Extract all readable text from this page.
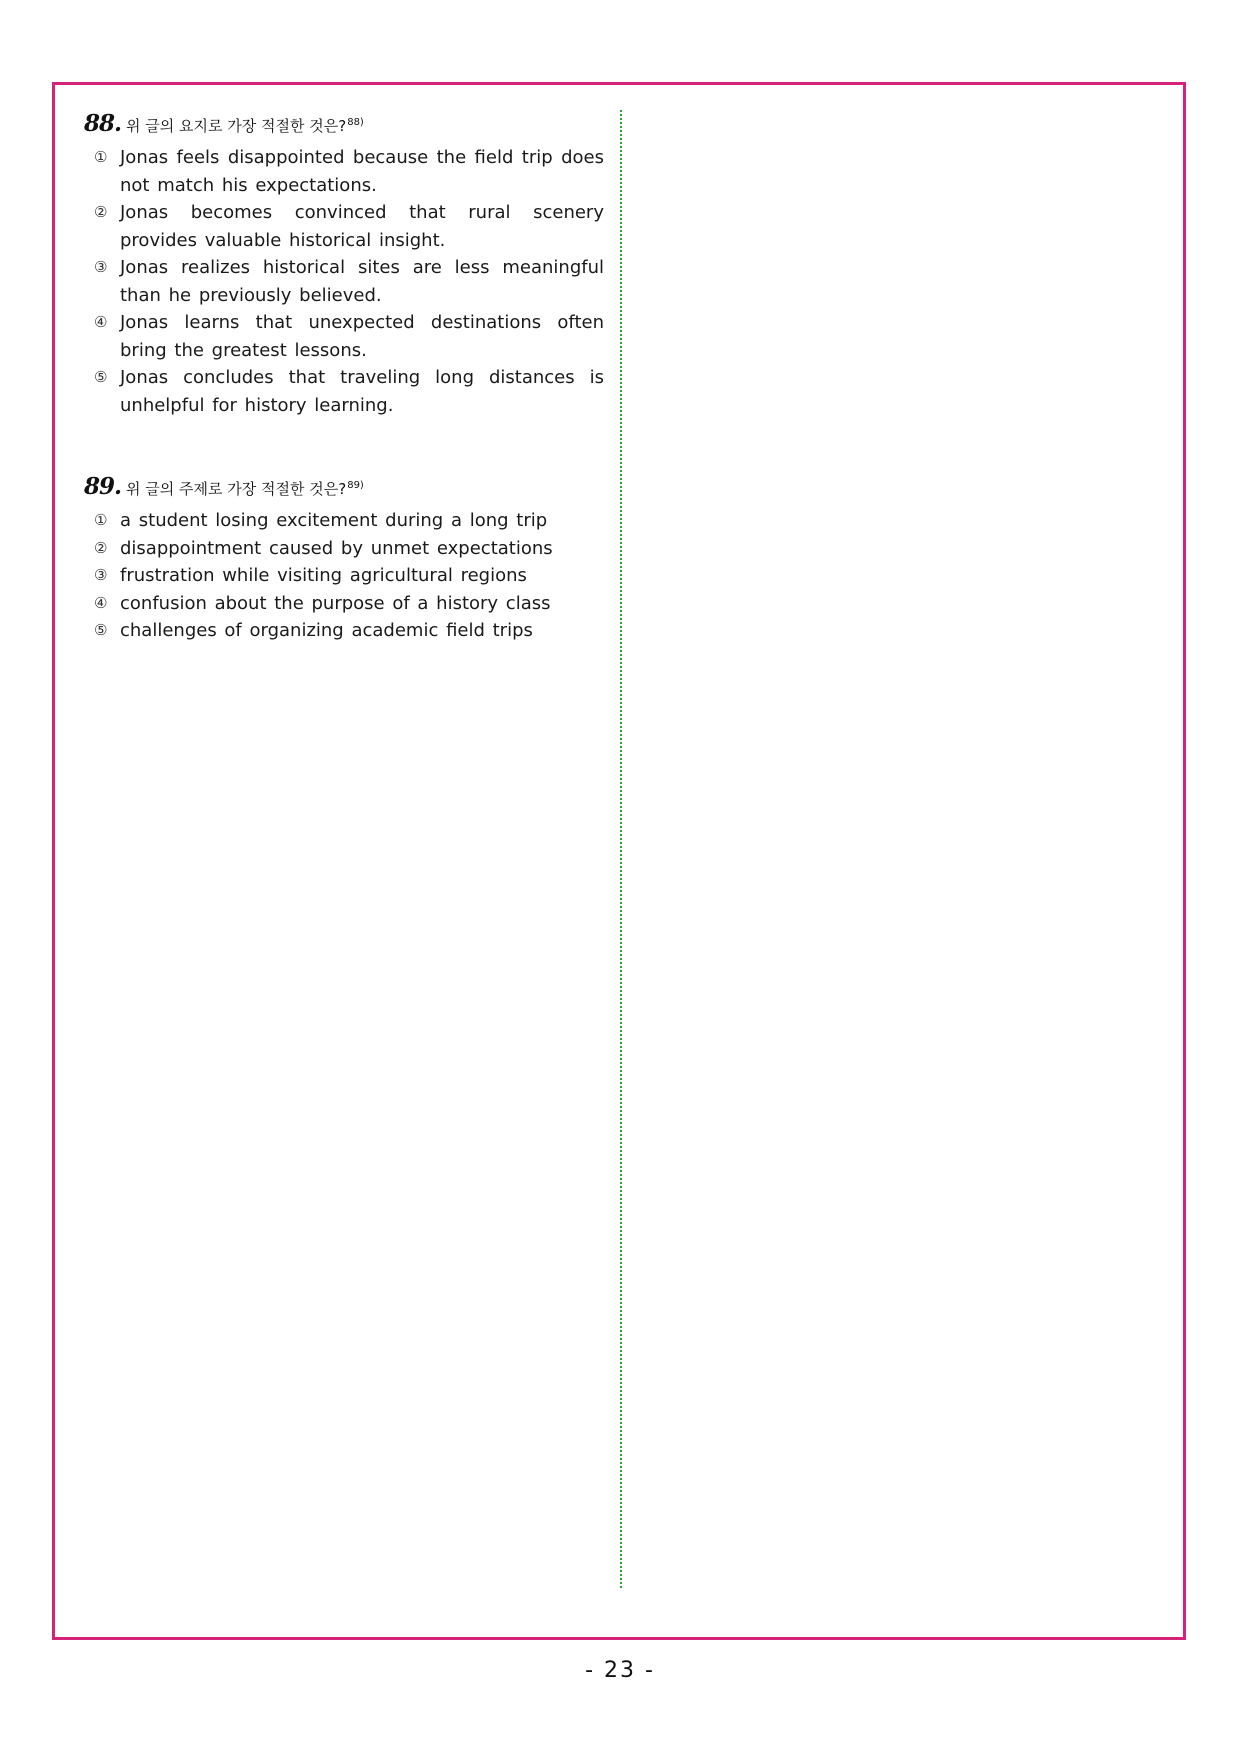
88. 위 글의 요지로 가장 적절한 것은?$^{88)}$
① Jonas feels disappointed because the field trip does not match his expectations.
② Jonas becomes convinced that rural scenery provides valuable historical insight.
③ Jonas realizes historical sites are less meaningful than he previously believed.
④ Jonas learns that unexpected destinations often bring the greatest lessons.
⑤ Jonas concludes that traveling long distances is unhelpful for history learning.
89. 위 글의 주제로 가장 적절한 것은?$^{89)}$
① a student losing excitement during a long trip
② disappointment caused by unmet expectations
③ frustration while visiting agricultural regions
④ confusion about the purpose of a history class
⑤ challenges of organizing academic field trips
- 23 -
